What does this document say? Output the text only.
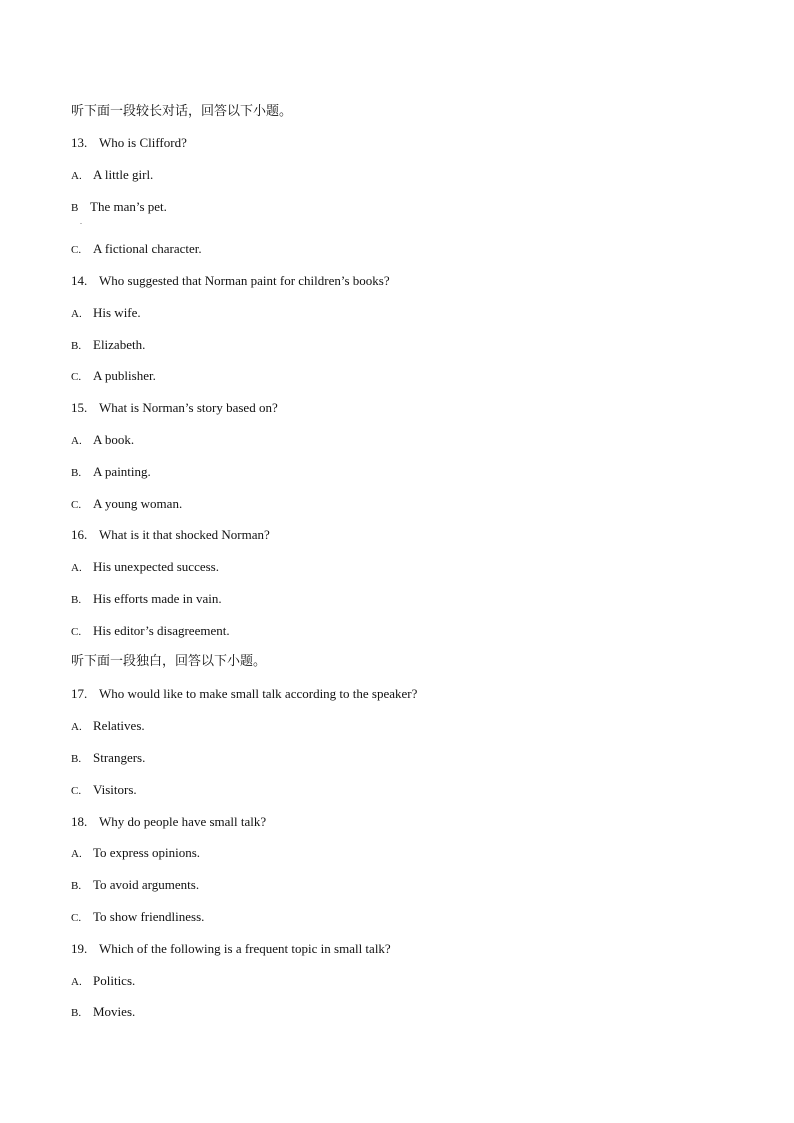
听下面一段较长对话，回答以下小题。
13. Who is Clifford?
A. A little girl.
B The man’s pet.
.
C. A fictional character.
14. Who suggested that Norman paint for children’s books?
A. His wife.
B. Elizabeth.
C. A publisher.
15. What is Norman’s story based on?
A. A book.
B. A painting.
C. A young woman.
16. What is it that shocked Norman?
A. His unexpected success.
B. His efforts made in vain.
C. His editor’s disagreement.
听下面一段独白，回答以下小题。
17. Who would like to make small talk according to the speaker?
A. Relatives.
B. Strangers.
C. Visitors.
18. Why do people have small talk?
A. To express opinions.
B. To avoid arguments.
C. To show friendliness.
19. Which of the following is a frequent topic in small talk?
A. Politics.
B. Movies.
